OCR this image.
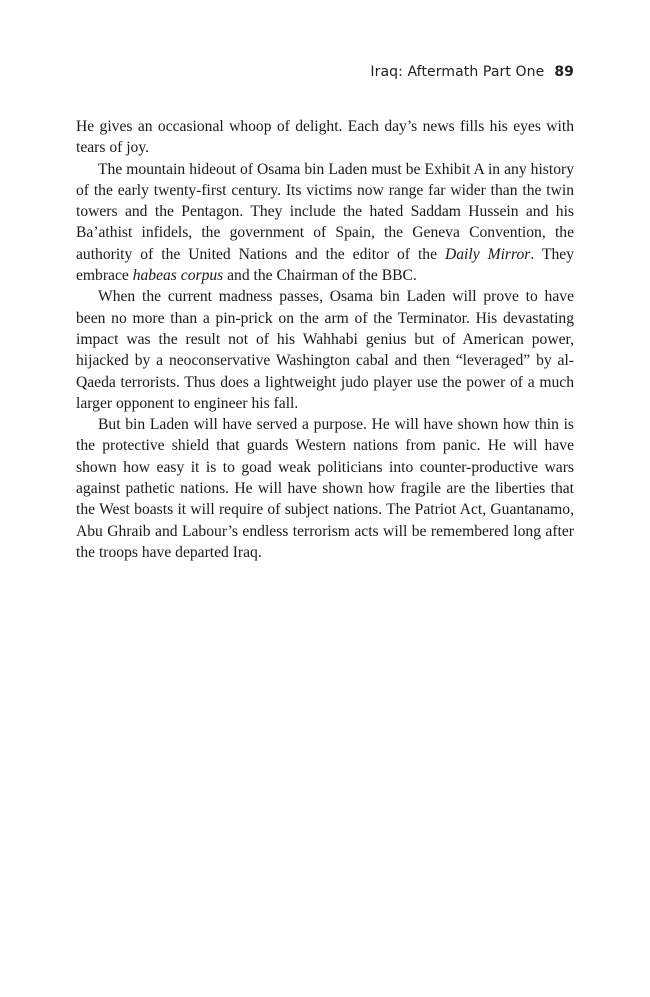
Iraq: Aftermath Part One 89

He gives an occasional whoop of delight. Each day’s news fills his eyes with tears of joy.

The mountain hideout of Osama bin Laden must be Exhibit A in any history of the early twenty-first century. Its victims now range far wider than the twin towers and the Pentagon. They include the hated Saddam Hussein and his Ba’athist infidels, the government of Spain, the Geneva Convention, the authority of the United Nations and the editor of the Daily Mirror. They embrace habeas corpus and the Chairman of the BBC.

When the current madness passes, Osama bin Laden will prove to have been no more than a pin-prick on the arm of the Terminator. His devastating impact was the result not of his Wahhabi genius but of American power, hijacked by a neoconservative Washington cabal and then “leveraged” by al-Qaeda terrorists. Thus does a lightweight judo player use the power of a much larger opponent to engineer his fall.

But bin Laden will have served a purpose. He will have shown how thin is the protective shield that guards Western nations from panic. He will have shown how easy it is to goad weak politicians into counter-productive wars against pathetic nations. He will have shown how fragile are the liberties that the West boasts it will require of subject nations. The Patriot Act, Guantanamo, Abu Ghraib and Labour’s endless terrorism acts will be remembered long after the troops have departed Iraq.
